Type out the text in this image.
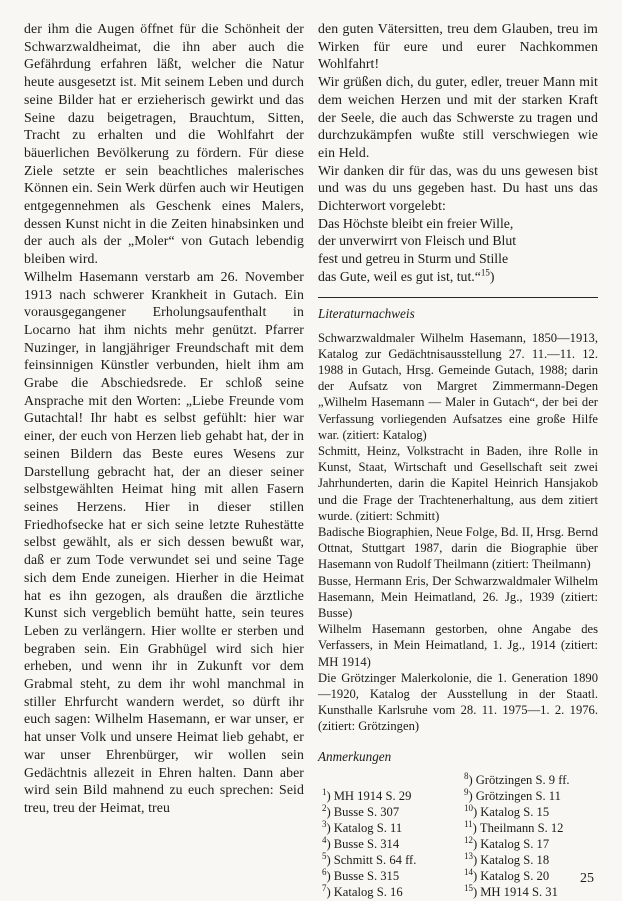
der ihm die Augen öffnet für die Schönheit der Schwarzwaldheimat, die ihn aber auch die Gefährdung erfahren läßt, welcher die Natur heute ausgesetzt ist. Mit seinem Leben und durch seine Bilder hat er erzieherisch gewirkt und das Seine dazu beigetragen, Brauchtum, Sitten, Tracht zu erhalten und die Wohlfahrt der bäuerlichen Bevölkerung zu fördern. Für diese Ziele setzte er sein beachtliches malerisches Können ein. Sein Werk dürfen auch wir Heutigen entgegennehmen als Geschenk eines Malers, dessen Kunst nicht in die Zeiten hinabsinken und der auch als der „Moler“ von Gutach lebendig bleiben wird.

Wilhelm Hasemann verstarb am 26. November 1913 nach schwerer Krankheit in Gutach. Ein vorausgegangener Erholungsaufenthalt in Locarno hat ihm nichts mehr genützt. Pfarrer Nuzinger, in langjähriger Freundschaft mit dem feinsinnigen Künstler verbunden, hielt ihm am Grabe die Abschiedsrede. Er schloß seine Ansprache mit den Worten: „Liebe Freunde vom Gutachtal! Ihr habt es selbst gefühlt: hier war einer, der euch von Herzen lieb gehabt hat, der in seinen Bildern das Beste eures Wesens zur Darstellung gebracht hat, der an dieser seiner selbstgewählten Heimat hing mit allen Fasern seines Herzens. Hier in dieser stillen Friedhofsecke hat er sich seine letzte Ruhestätte selbst gewählt, als er sich dessen bewußt war, daß er zum Tode verwundet sei und seine Tage sich dem Ende zuneigen. Hierher in die Heimat hat es ihn gezogen, als draußen die ärztliche Kunst sich vergeblich bemüht hatte, sein teures Leben zu verlängern. Hier wollte er sterben und begraben sein. Ein Grabhügel wird sich hier erheben, und wenn ihr in Zukunft vor dem Grabmal steht, zu dem ihr wohl manchmal in stiller Ehrfurcht wandern werdet, so dürft ihr euch sagen: Wilhelm Hasemann, er war unser, er hat unser Volk und unsere Heimat lieb gehabt, er war unser Ehrenbürger, wir wollen sein Gedächtnis allezeit in Ehren halten. Dann aber wird sein Bild mahnend zu euch sprechen: Seid treu, treu der Heimat, treu

den guten Vätersitten, treu dem Glauben, treu im Wirken für eure und eurer Nachkommen Wohlfahrt!

Wir grüßen dich, du guter, edler, treuer Mann mit dem weichen Herzen und mit der starken Kraft der Seele, die auch das Schwerste zu tragen und durchzukämpfen wußte still verschwiegen wie ein Held.

Wir danken dir für das, was du uns gewesen bist und was du uns gegeben hast. Du hast uns das Dichterwort vorgelebt:

Das Höchste bleibt ein freier Wille,

der unverwirrt von Fleisch und Blut

fest und getreu in Sturm und Stille

das Gute, weil es gut ist, tut.“$^{15}$)

Literaturnachweis

Schwarzwaldmaler Wilhelm Hasemann, 1850—1913, Katalog zur Gedächtnisausstellung 27. 11.—11. 12. 1988 in Gutach, Hrsg. Gemeinde Gutach, 1988; darin der Aufsatz von Margret Zimmermann-Degen „Wilhelm Hasemann — Maler in Gutach“, der bei der Verfassung vorliegenden Aufsatzes eine große Hilfe war. (zitiert: Katalog)

Schmitt, Heinz, Volkstracht in Baden, ihre Rolle in Kunst, Staat, Wirtschaft und Gesellschaft seit zwei Jahrhunderten, darin die Kapitel Heinrich Hansjakob und die Frage der Trachtenerhaltung, aus dem zitiert wurde. (zitiert: Schmitt)

Badische Biographien, Neue Folge, Bd. II, Hrsg. Bernd Ottnat, Stuttgart 1987, darin die Biographie über Hasemann von Rudolf Theilmann (zitiert: Theilmann)

Busse, Hermann Eris, Der Schwarzwaldmaler Wilhelm Hasemann, Mein Heimatland, 26. Jg., 1939 (zitiert: Busse)

Wilhelm Hasemann gestorben, ohne Angabe des Verfassers, in Mein Heimatland, 1. Jg., 1914 (zitiert: MH 1914)

Die Grötzinger Malerkolonie, die 1. Generation 1890—1920, Katalog der Ausstellung in der Staatl. Kunsthalle Karlsruhe vom 28. 11. 1975—1. 2. 1976. (zitiert: Grötzingen)

Anmerkungen

$^1$) MH 1914 S. 29

$^2$) Busse S. 307

$^3$) Katalog S. 11

$^4$) Busse S. 314

$^5$) Schmitt S. 64 ff.

$^6$) Busse S. 315

$^7$) Katalog S. 16

$^8$) Grötzingen S. 9 ff.

$^9$) Grötzingen S. 11

$^{10}$) Katalog S. 15

$^{11}$) Theilmann S. 12

$^{12}$) Katalog S. 17

$^{13}$) Katalog S. 18

$^{14}$) Katalog S. 20

$^{15}$) MH 1914 S. 31

25
